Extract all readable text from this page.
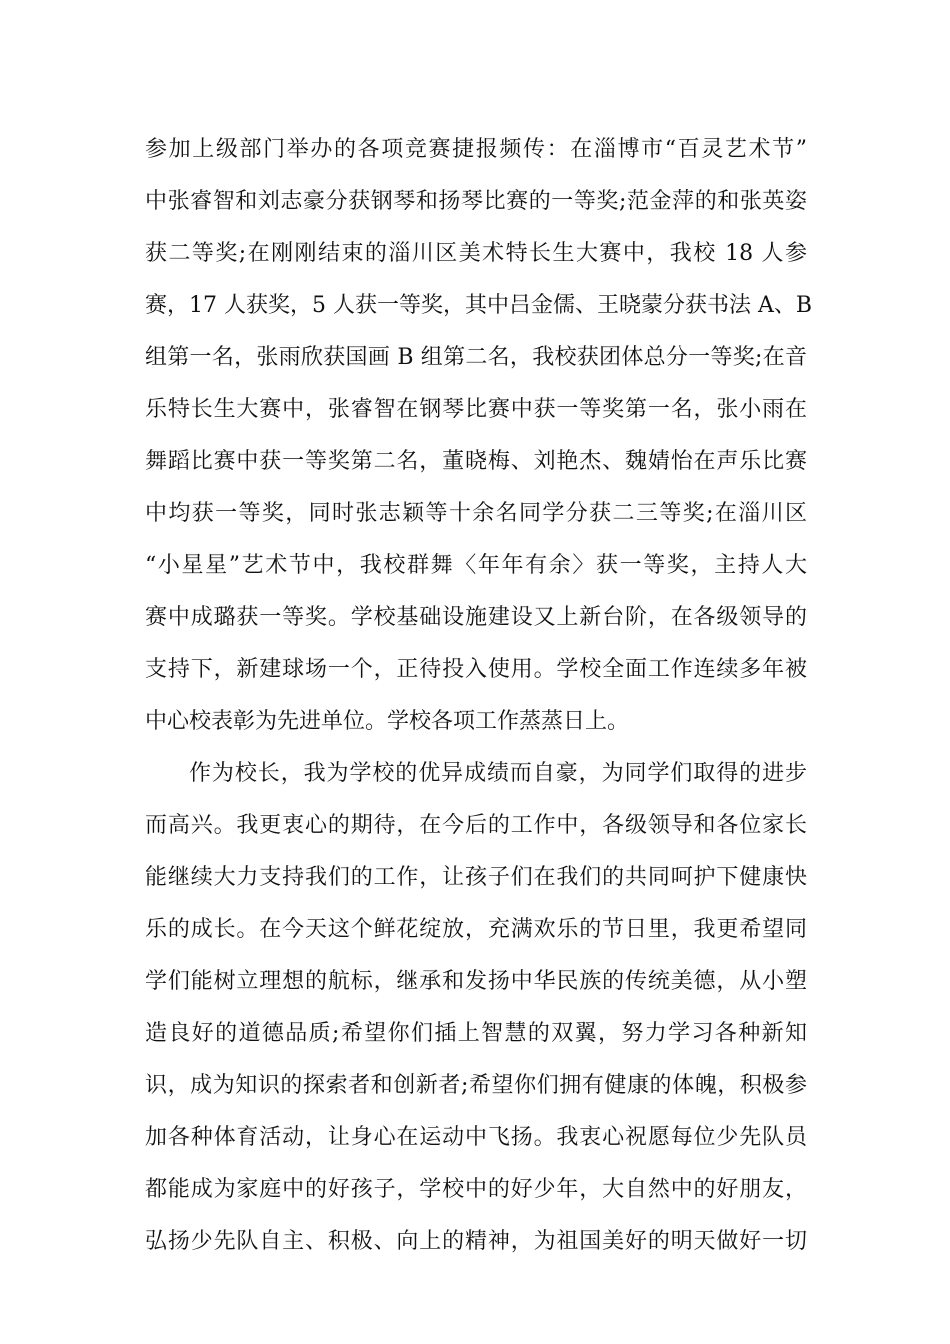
参加上级部门举办的各项竞赛捷报频传：在淄博市“百灵艺术节”
中张睿智和刘志豪分获钢琴和扬琴比赛的一等奖;范金萍的和张英姿
获二等奖;在刚刚结束的淄川区美术特长生大赛中，我校 18 人参
赛，17 人获奖，5 人获一等奖，其中吕金儒、王晓蒙分获书法 A、B
组第一名，张雨欣获国画 B 组第二名，我校获团体总分一等奖;在音
乐特长生大赛中，张睿智在钢琴比赛中获一等奖第一名，张小雨在
舞蹈比赛中获一等奖第二名，董晓梅、刘艳杰、魏婧怡在声乐比赛
中均获一等奖，同时张志颖等十余名同学分获二三等奖;在淄川区
“小星星”艺术节中，我校群舞〈年年有余〉获一等奖，主持人大
赛中成璐获一等奖。学校基础设施建设又上新台阶，在各级领导的
支持下，新建球场一个，正待投入使用。学校全面工作连续多年被
中心校表彰为先进单位。学校各项工作蒸蒸日上。
作为校长，我为学校的优异成绩而自豪，为同学们取得的进步
而高兴。我更衷心的期待，在今后的工作中，各级领导和各位家长
能继续大力支持我们的工作，让孩子们在我们的共同呵护下健康快
乐的成长。在今天这个鲜花绽放，充满欢乐的节日里，我更希望同
学们能树立理想的航标，继承和发扬中华民族的传统美德，从小塑
造良好的道德品质;希望你们插上智慧的双翼，努力学习各种新知
识，成为知识的探索者和创新者;希望你们拥有健康的体魄，积极参
加各种体育活动，让身心在运动中飞扬。我衷心祝愿每位少先队员
都能成为家庭中的好孩子，学校中的好少年，大自然中的好朋友，
弘扬少先队自主、积极、向上的精神，为祖国美好的明天做好一切
